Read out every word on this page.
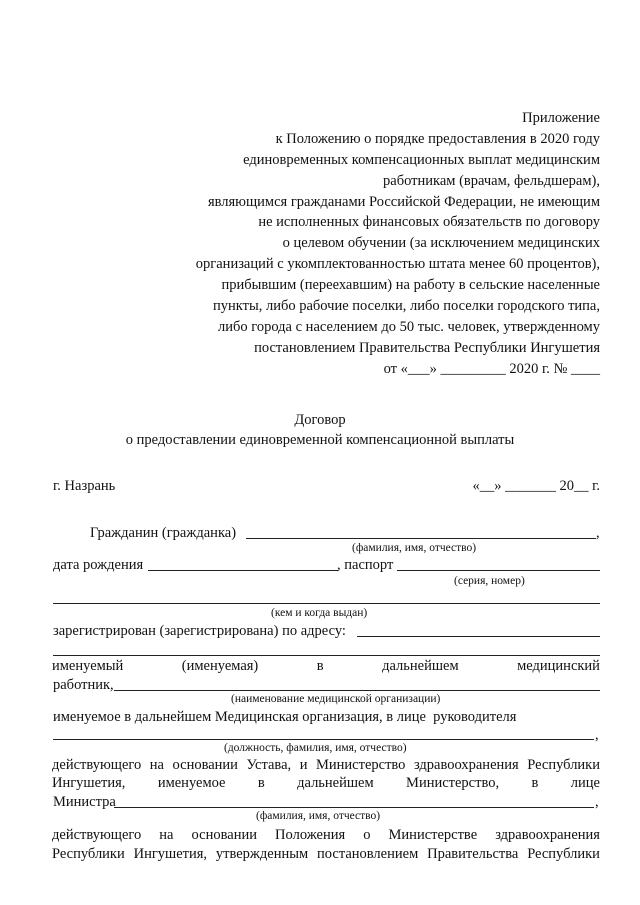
Приложение
к Положению о порядке предоставления в 2020 году
единовременных компенсационных выплат медицинским
работникам (врачам, фельдшерам),
являющимся гражданами Российской Федерации, не имеющим
не исполненных финансовых обязательств по договору
о целевом обучении (за исключением медицинских
организаций с укомплектованностью штата менее 60 процентов),
прибывшим (переехавшим) на работу в сельские населенные
пункты, либо рабочие поселки, либо поселки городского типа,
либо города с населением до 50 тыс. человек, утвержденному
постановлением Правительства Республики Ингушетия
от «___» _________ 2020 г. № ____
Договор
о предоставлении единовременной компенсационной выплаты
г. Назрань	«__» _______ 20__ г.
Гражданин (гражданка)	,
(фамилия, имя, отчество)
дата рождения	, паспорт
(серия, номер)
(кем и когда выдан)
зарегистрирован (зарегистрирована) по адресу:
именуемый	(именуемая)	в	дальнейшем	медицинский
работник,
(наименование медицинской организации)
именуемое в дальнейшем Медицинская организация, в лице  руководителя
,
(должность, фамилия, имя, отчество)
действующего на основании Устава, и Министерство здравоохранения Республики
Ингушетия, именуемое в дальнейшем Министерство, в лице
Министра	,
(фамилия, имя, отчество)
действующего на основании Положения о Министерстве здравоохранения
Республики Ингушетия, утвержденным постановлением Правительства Республики
